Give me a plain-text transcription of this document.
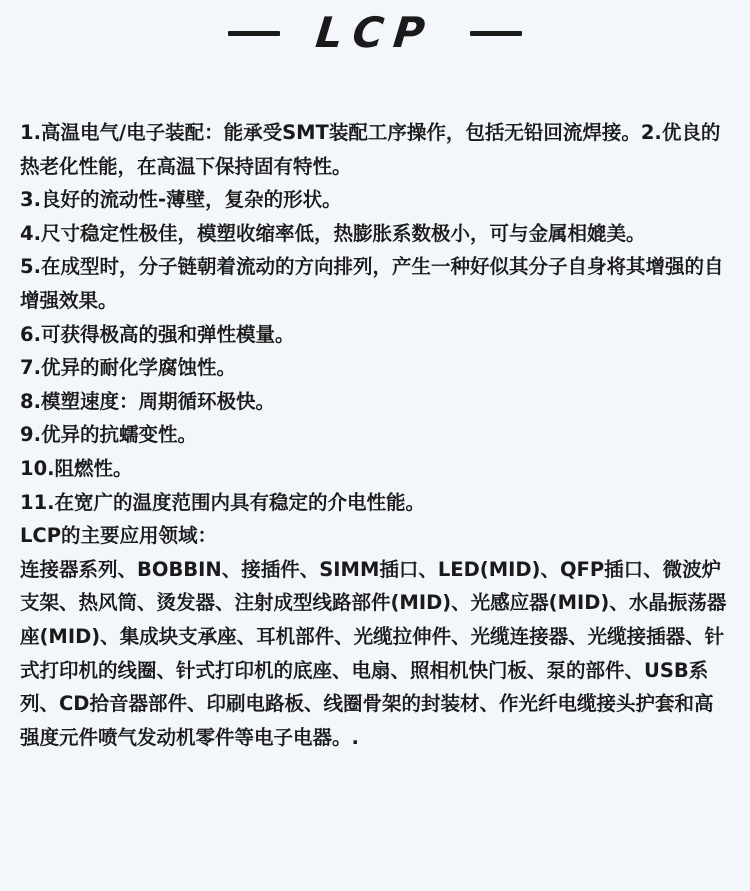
LCP
1.高温电气/电子装配：能承受SMT装配工序操作，包括无铅回流焊接。2.优良的热老化性能，在高温下保持固有特性。
3.良好的流动性-薄壁，复杂的形状。
4.尺寸稳定性极佳，模塑收缩率低，热膨胀系数极小，可与金属相媲美。
5.在成型时，分子链朝着流动的方向排列，产生一种好似其分子自身将其增强的自增强效果。
6.可获得极高的强和弹性模量。
7.优异的耐化学腐蚀性。
8.模塑速度：周期循环极快。
9.优异的抗蠕变性。
10.阻燃性。
11.在宽广的温度范围内具有稳定的介电性能。
LCP的主要应用领域：
连接器系列、BOBBIN、接插件、SIMM插口、LED(MID)、QFP插口、微波炉支架、热风筒、烫发器、注射成型线路部件(MID)、光感应器(MID)、水晶振荡器座(MID)、集成块支承座、耳机部件、光缆拉伸件、光缆连接器、光缆接插器、针式打印机的线圈、针式打印机的底座、电扇、照相机快门板、泵的部件、USB系列、CD拾音器部件、印刷电路板、线圈骨架的封装材、作光纤电缆接头护套和高强度元件喷气发动机零件等电子电器。.
